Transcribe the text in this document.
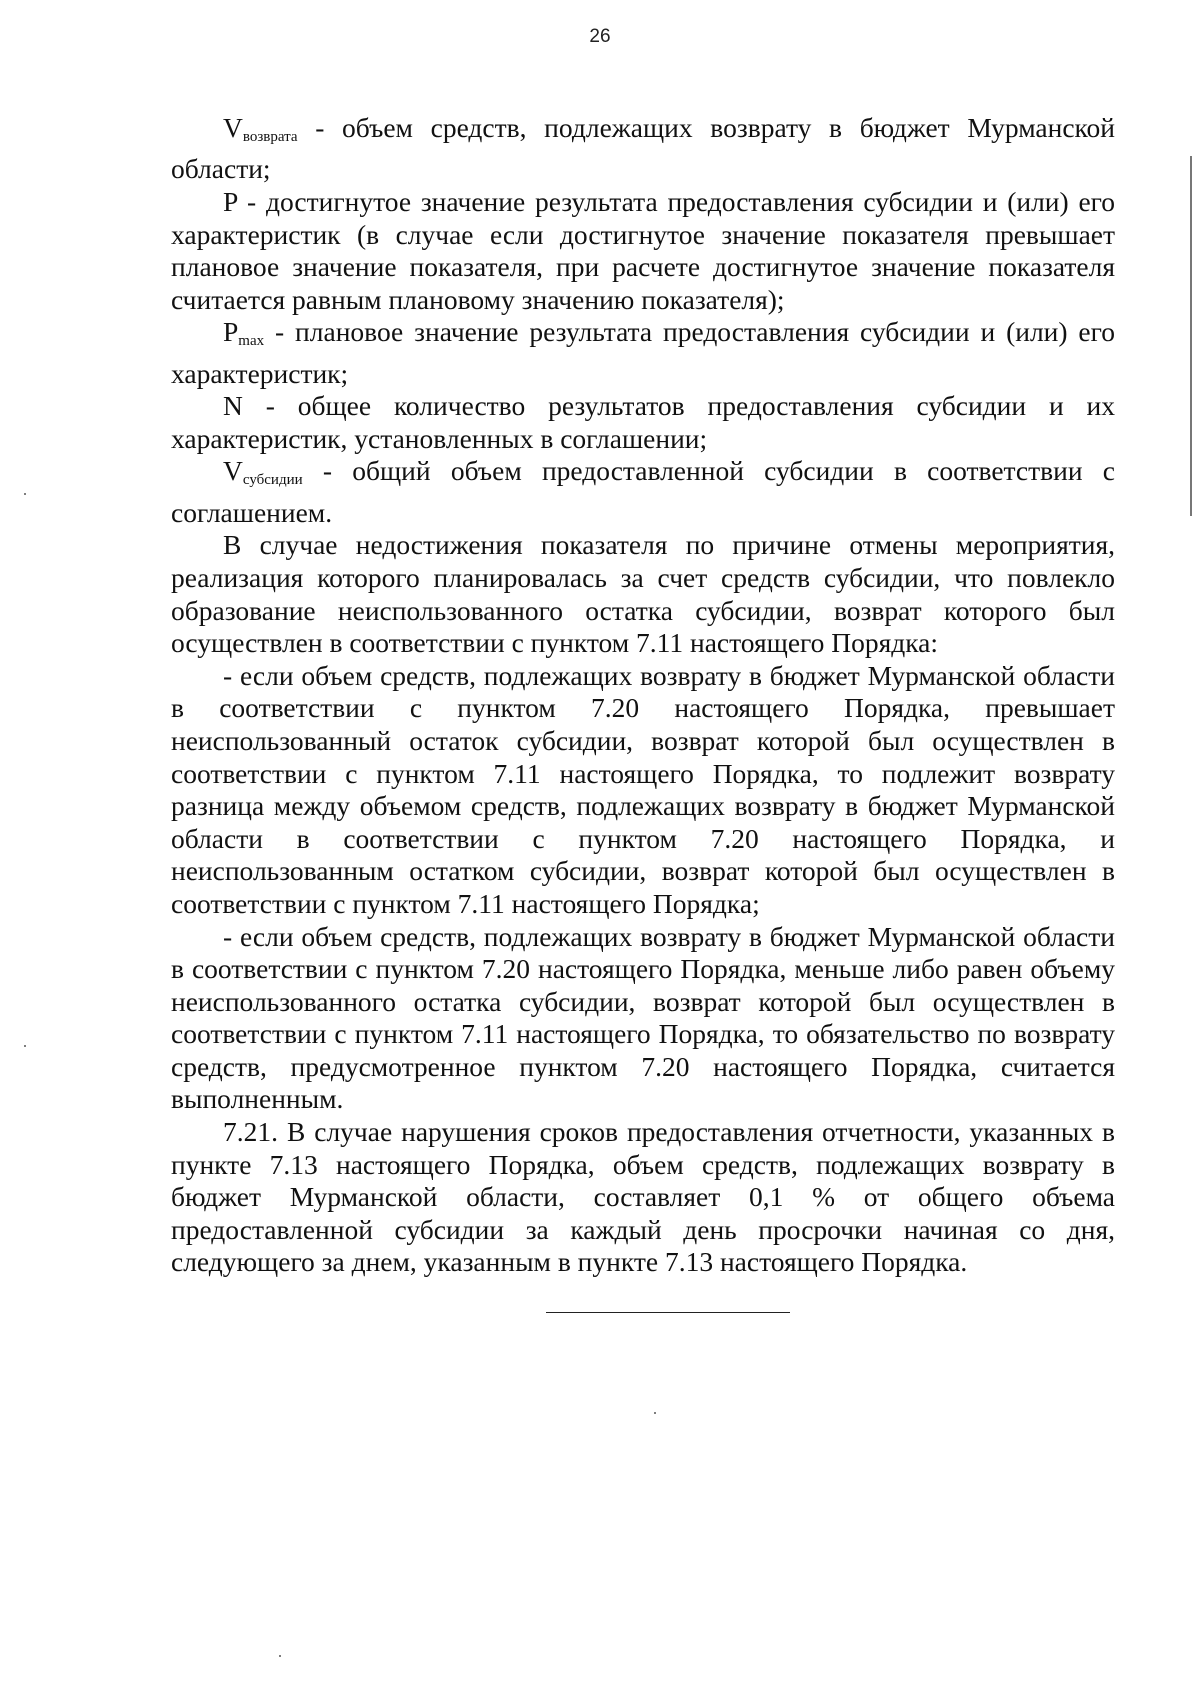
26

$V_{возврата}$ - объем средств, подлежащих возврату в бюджет Мурманской области;

P - достигнутое значение результата предоставления субсидии и (или) его характеристик (в случае если достигнутое значение показателя превышает плановое значение показателя, при расчете достигнутое значение показателя считается равным плановому значению показателя);

$P_{max}$ - плановое значение результата предоставления субсидии и (или) его характеристик;

N - общее количество результатов предоставления субсидии и их характеристик, установленных в соглашении;

$V_{субсидии}$ - общий объем предоставленной субсидии в соответствии с соглашением.

В случае недостижения показателя по причине отмены мероприятия, реализация которого планировалась за счет средств субсидии, что повлекло образование неиспользованного остатка субсидии, возврат которого был осуществлен в соответствии с пунктом 7.11 настоящего Порядка:

- если объем средств, подлежащих возврату в бюджет Мурманской области в соответствии с пунктом 7.20 настоящего Порядка, превышает неиспользованный остаток субсидии, возврат которой был осуществлен в соответствии с пунктом 7.11 настоящего Порядка, то подлежит возврату разница между объемом средств, подлежащих возврату в бюджет Мурманской области в соответствии с пунктом 7.20 настоящего Порядка, и неиспользованным остатком субсидии, возврат которой был осуществлен в соответствии с пунктом 7.11 настоящего Порядка;

- если объем средств, подлежащих возврату в бюджет Мурманской области в соответствии с пунктом 7.20 настоящего Порядка, меньше либо равен объему неиспользованного остатка субсидии, возврат которой был осуществлен в соответствии с пунктом 7.11 настоящего Порядка, то обязательство по возврату средств, предусмотренное пунктом 7.20 настоящего Порядка, считается выполненным.

7.21. В случае нарушения сроков предоставления отчетности, указанных в пункте 7.13 настоящего Порядка, объем средств, подлежащих возврату в бюджет Мурманской области, составляет 0,1 % от общего объема предоставленной субсидии за каждый день просрочки начиная со дня, следующего за днем, указанным в пункте 7.13 настоящего Порядка.
